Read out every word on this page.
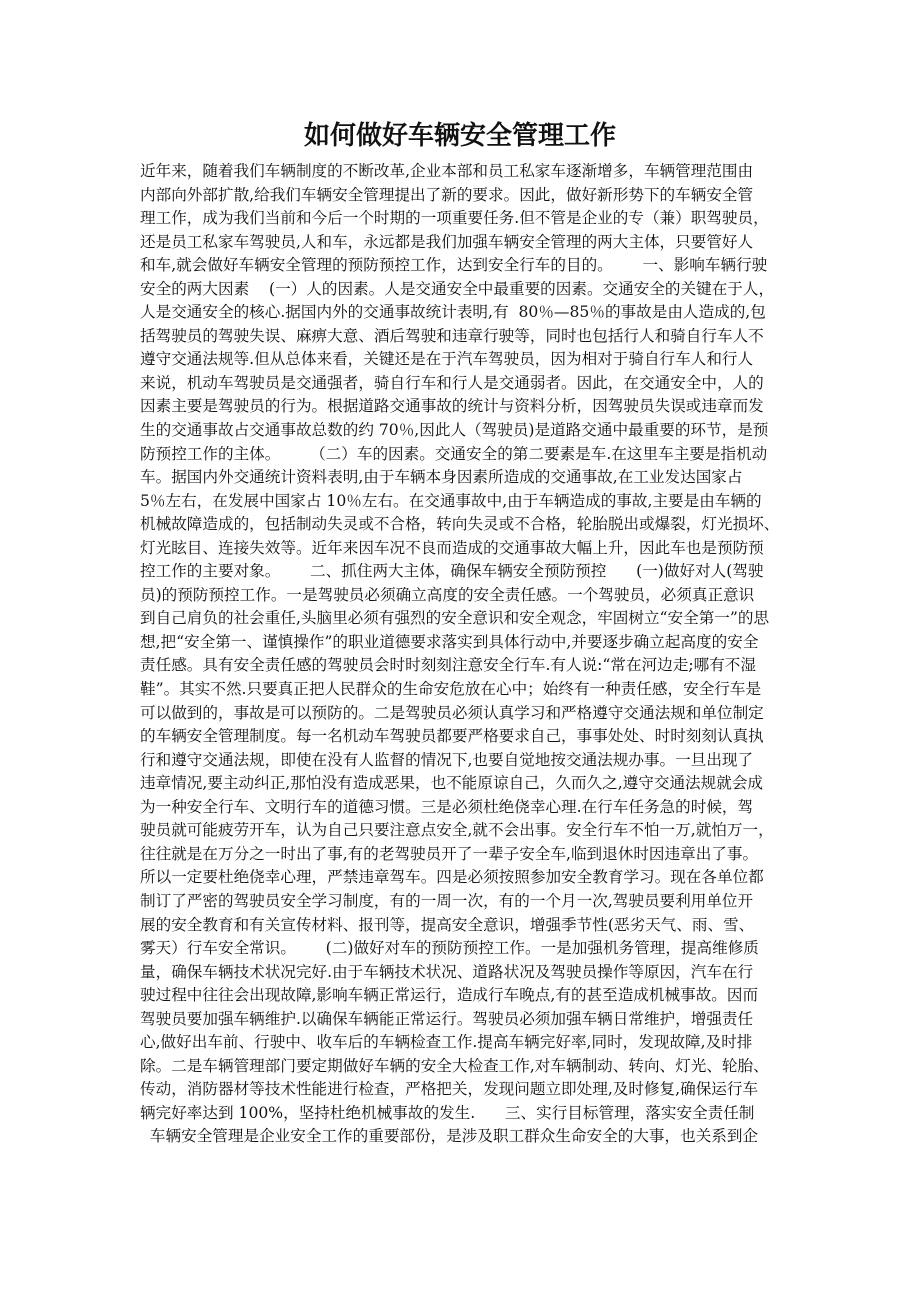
如何做好车辆安全管理工作
近年来，随着我们车辆制度的不断改革,企业本部和员工私家车逐渐增多，车辆管理范围由
内部向外部扩散,给我们车辆安全管理提出了新的要求。因此，做好新形势下的车辆安全管
理工作，成为我们当前和今后一个时期的一项重要任务.但不管是企业的专（兼）职驾驶员，
还是员工私家车驾驶员,人和车，永远都是我们加强车辆安全管理的两大主体，只要管好人
和车,就会做好车辆安全管理的预防预控工作，达到安全行车的目的。      一、影响车辆行驶
安全的两大因素    (一）人的因素。人是交通安全中最重要的因素。交通安全的关键在于人，
人是交通安全的核心.据国内外的交通事故统计表明,有  80％—85％的事故是由人造成的,包
括驾驶员的驾驶失误、麻痹大意、酒后驾驶和违章行驶等，同时也包括行人和骑自行车人不
遵守交通法规等.但从总体来看，关键还是在于汽车驾驶员，因为相对于骑自行车人和行人
来说，机动车驾驶员是交通强者，骑自行车和行人是交通弱者。因此，在交通安全中，人的
因素主要是驾驶员的行为。根据道路交通事故的统计与资料分析，因驾驶员失误或违章而发
生的交通事故占交通事故总数的约 70％,因此人（驾驶员)是道路交通中最重要的环节，是预
防预控工作的主体。      （二）车的因素。交通安全的第二要素是车.在这里车主要是指机动
车。据国内外交通统计资料表明,由于车辆本身因素所造成的交通事故,在工业发达国家占
5％左右，在发展中国家占 10％左右。在交通事故中,由于车辆造成的事故,主要是由车辆的
机械故障造成的，包括制动失灵或不合格，转向失灵或不合格，轮胎脱出或爆裂，灯光损坏、
灯光眩目、连接失效等。近年来因车况不良而造成的交通事故大幅上升，因此车也是预防预
控工作的主要对象。      二、抓住两大主体，确保车辆安全预防预控      (一)做好对人(驾驶
员)的预防预控工作。一是驾驶员必须确立高度的安全责任感。一个驾驶员，必须真正意识
到自己肩负的社会重任,头脑里必须有强烈的安全意识和安全观念，牢固树立“安全第一”的思
想,把“安全第一、谨慎操作”的职业道德要求落实到具体行动中,并要逐步确立起高度的安全
责任感。具有安全责任感的驾驶员会时时刻刻注意安全行车.有人说:“常在河边走;哪有不湿
鞋”。其实不然.只要真正把人民群众的生命安危放在心中；始终有一种责任感，安全行车是
可以做到的，事故是可以预防的。二是驾驶员必须认真学习和严格遵守交通法规和单位制定
的车辆安全管理制度。每一名机动车驾驶员都要严格要求自己，事事处处、时时刻刻认真执
行和遵守交通法规，即使在没有人监督的情况下,也要自觉地按交通法规办事。一旦出现了
违章情况,要主动纠正,那怕没有造成恶果，也不能原谅自己，久而久之,遵守交通法规就会成
为一种安全行车、文明行车的道德习惯。三是必须杜绝侥幸心理.在行车任务急的时候，驾
驶员就可能疲劳开车，认为自己只要注意点安全,就不会出事。安全行车不怕一万,就怕万一，
往往就是在万分之一时出了事,有的老驾驶员开了一辈子安全车,临到退休时因违章出了事。
所以一定要杜绝侥幸心理，严禁违章驾车。四是必须按照参加安全教育学习。现在各单位都
制订了严密的驾驶员安全学习制度，有的一周一次，有的一个月一次,驾驶员要利用单位开
展的安全教育和有关宣传材料、报刊等，提高安全意识，增强季节性(恶劣天气、雨、雪、
雾天）行车安全常识。      (二)做好对车的预防预控工作。一是加强机务管理，提高维修质
量，确保车辆技术状况完好.由于车辆技术状况、道路状况及驾驶员操作等原因，汽车在行
驶过程中往往会出现故障,影响车辆正常运行，造成行车晚点,有的甚至造成机械事故。因而
驾驶员要加强车辆维护.以确保车辆能正常运行。驾驶员必须加强车辆日常维护，增强责任
心,做好出车前、行驶中、收车后的车辆检查工作.提高车辆完好率,同时，发现故障,及时排
除。二是车辆管理部门要定期做好车辆的安全大检查工作,对车辆制动、转向、灯光、轮胎、
传动，消防器材等技术性能进行检查，严格把关，发现问题立即处理,及时修复,确保运行车
辆完好率达到 100%，坚持杜绝机械事故的发生.      三、实行目标管理，落实安全责任制
车辆安全管理是企业安全工作的重要部份，是涉及职工群众生命安全的大事，也关系到企
